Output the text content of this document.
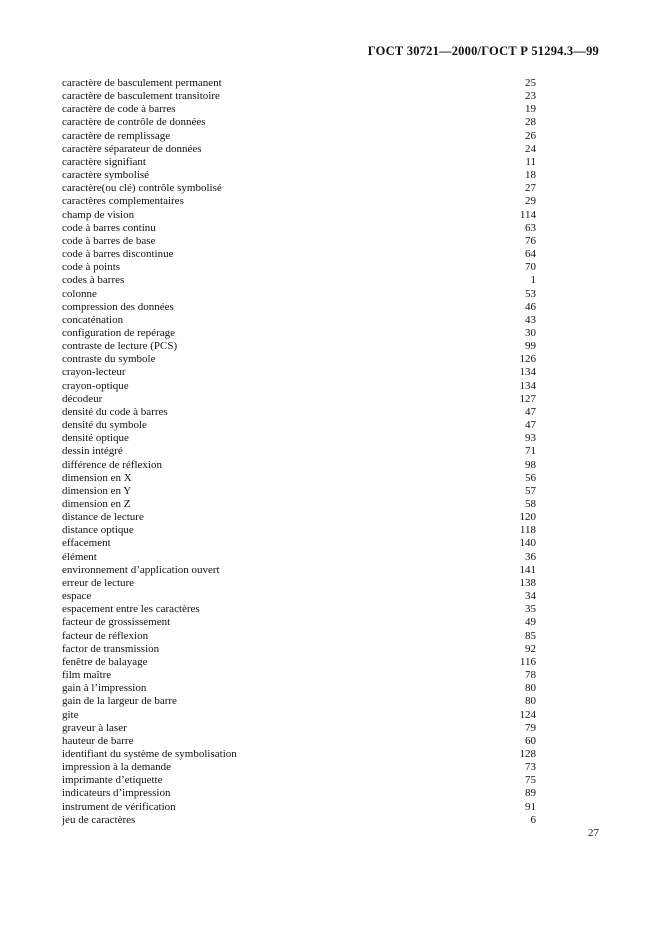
ГОСТ 30721—2000/ГОСТ Р 51294.3—99
caractère de basculement permanent	25
caractère de basculement transitoire	23
caractère de code à barres	19
caractère de contrôle de données	28
caractère de remplissage	26
caractère séparateur de données	24
caractère signifiant	11
caractère symbolisé	18
caractère(ou clé) contrôle symbolisé	27
caractères complementaires	29
champ de vision	114
code à barres continu	63
code à barres de base	76
code à barres discontinue	64
code à points	70
codes à barres	1
colonne	53
compression des données	46
concaténation	43
configuration de repérage	30
contraste de lecture (PCS)	99
contraste du symbole	126
crayon-lecteur	134
crayon-optique	134
décodeur	127
densité du code à barres	47
densité du symbole	47
densité optique	93
dessin intégré	71
différence de réflexion	98
dimension en X	56
dimension en Y	57
dimension en Z	58
distance de lecture	120
distance optique	118
effacement	140
élément	36
environnement d’application ouvert	141
erreur de lecture	138
espace	34
espacement entre les caractères	35
facteur de grossissement	49
facteur de réflexion	85
factor de transmission	92
fenêtre de balayage	116
film maître	78
gain à l’impression	80
gain de la largeur de barre	80
gite	124
graveur à laser	79
hauteur de barre	60
identifiant du système de symbolisation	128
impression à la demande	73
imprimante d’etiquette	75
indicateurs d’impression	89
instrument de vérification	91
jeu de caractères	6
27
